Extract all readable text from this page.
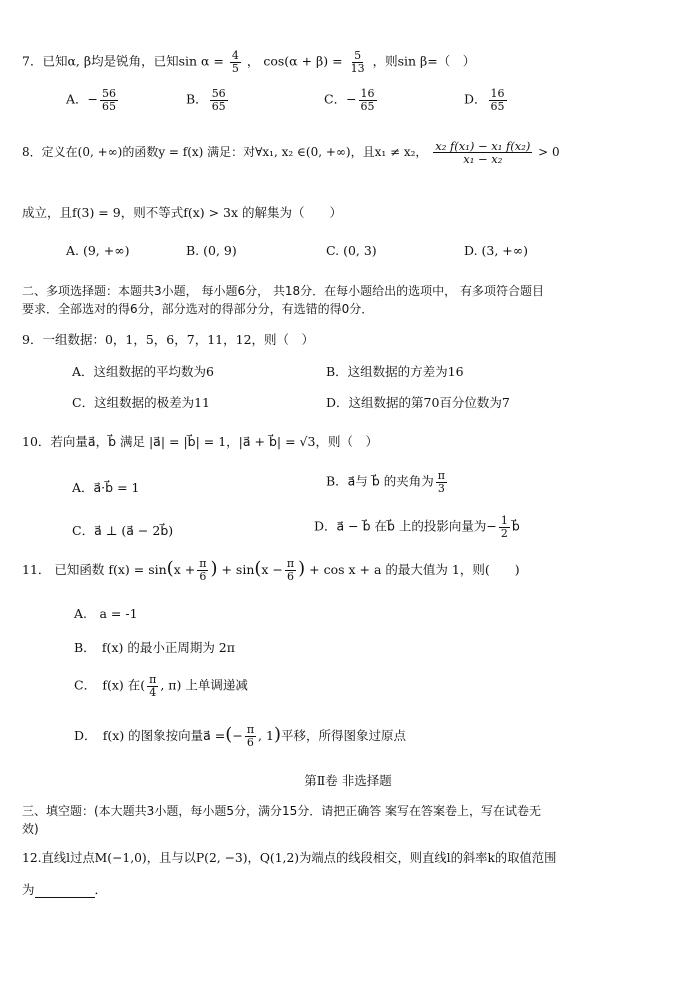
7．已知α, β均是锐角，已知$\sin \alpha = \frac{4}{5}$ ， $\cos(\alpha + \beta) = \frac{5}{13}$ ，则sin β=（　）
A．− $\frac{56}{65}$	B． $\frac{56}{65}$	C．− $\frac{16}{65}$	D． $\frac{16}{65}$
8．定义在(0, +∞)的函数y = f(x) 满足：对∀x₁, x₂ ∈(0, +∞)，且x₁ ≠ x₂， $\frac{\text{x₂ f(x₁) − x₁ f(x₂)}}{\text{x₁ − x₂}} > 0$
成立，且f(3) = 9，则不等式f(x) > 3x 的解集为（　　）
A. (9, +∞)	B. (0, 9)	C. (0, 3)	D. (3, +∞)
二、多项选择题：本题共3小题， 每小题6分， 共18分．在每小题给出的选项中， 有多项符合题目
要求．全部选对的得6分，部分选对的得部分分，有选错的得0分．
9．一组数据：0，1，5，6，7，11，12，则（　）
A．这组数据的平均数为6	B．这组数据的方差为16
C．这组数据的极差为11	D．这组数据的第70百分位数为7
10．若向量a⃗，b⃗ 满足 |a⃗| = |b⃗| = 1，|a⃗ + b⃗| = √3，则（　）
A．a⃗·b⃗ = 1	B．a⃗与 b⃗ 的夹角为 $\frac{\pi}{3}$
C．a⃗ ⊥ (a⃗ − 2b⃗)	D．a⃗ − b⃗ 在b⃗ 上的投影向量为− $\frac{1}{2}$ b⃗
11． 已知函数 $f(x) = \sin(x + \frac{\pi}{6}$ ) + $\sin(x - \frac{\pi}{6}$ ) + cos x + a 的最大值为 1，则(　　)
A.　a = -1
B．　f(x) 的最小正周期为 2π
C．　f(x) 在( $\frac{\pi}{4}$ , π) 上单调递减
D．　f(x) 的图象按向量a⃗ =(− $\frac{\pi}{6}$ , 1)平移，所得图象过原点
第Ⅱ卷 非选择题
三、填空题：(本大题共3小题，每小题5分，满分15分．请把正确答 案写在答案卷上，写在试卷无
效)
12.直线l过点M(−1,0)，且与以P(2, −3)，Q(1,2)为端点的线段相交，则直线l的斜率k的取值范围
为	．
